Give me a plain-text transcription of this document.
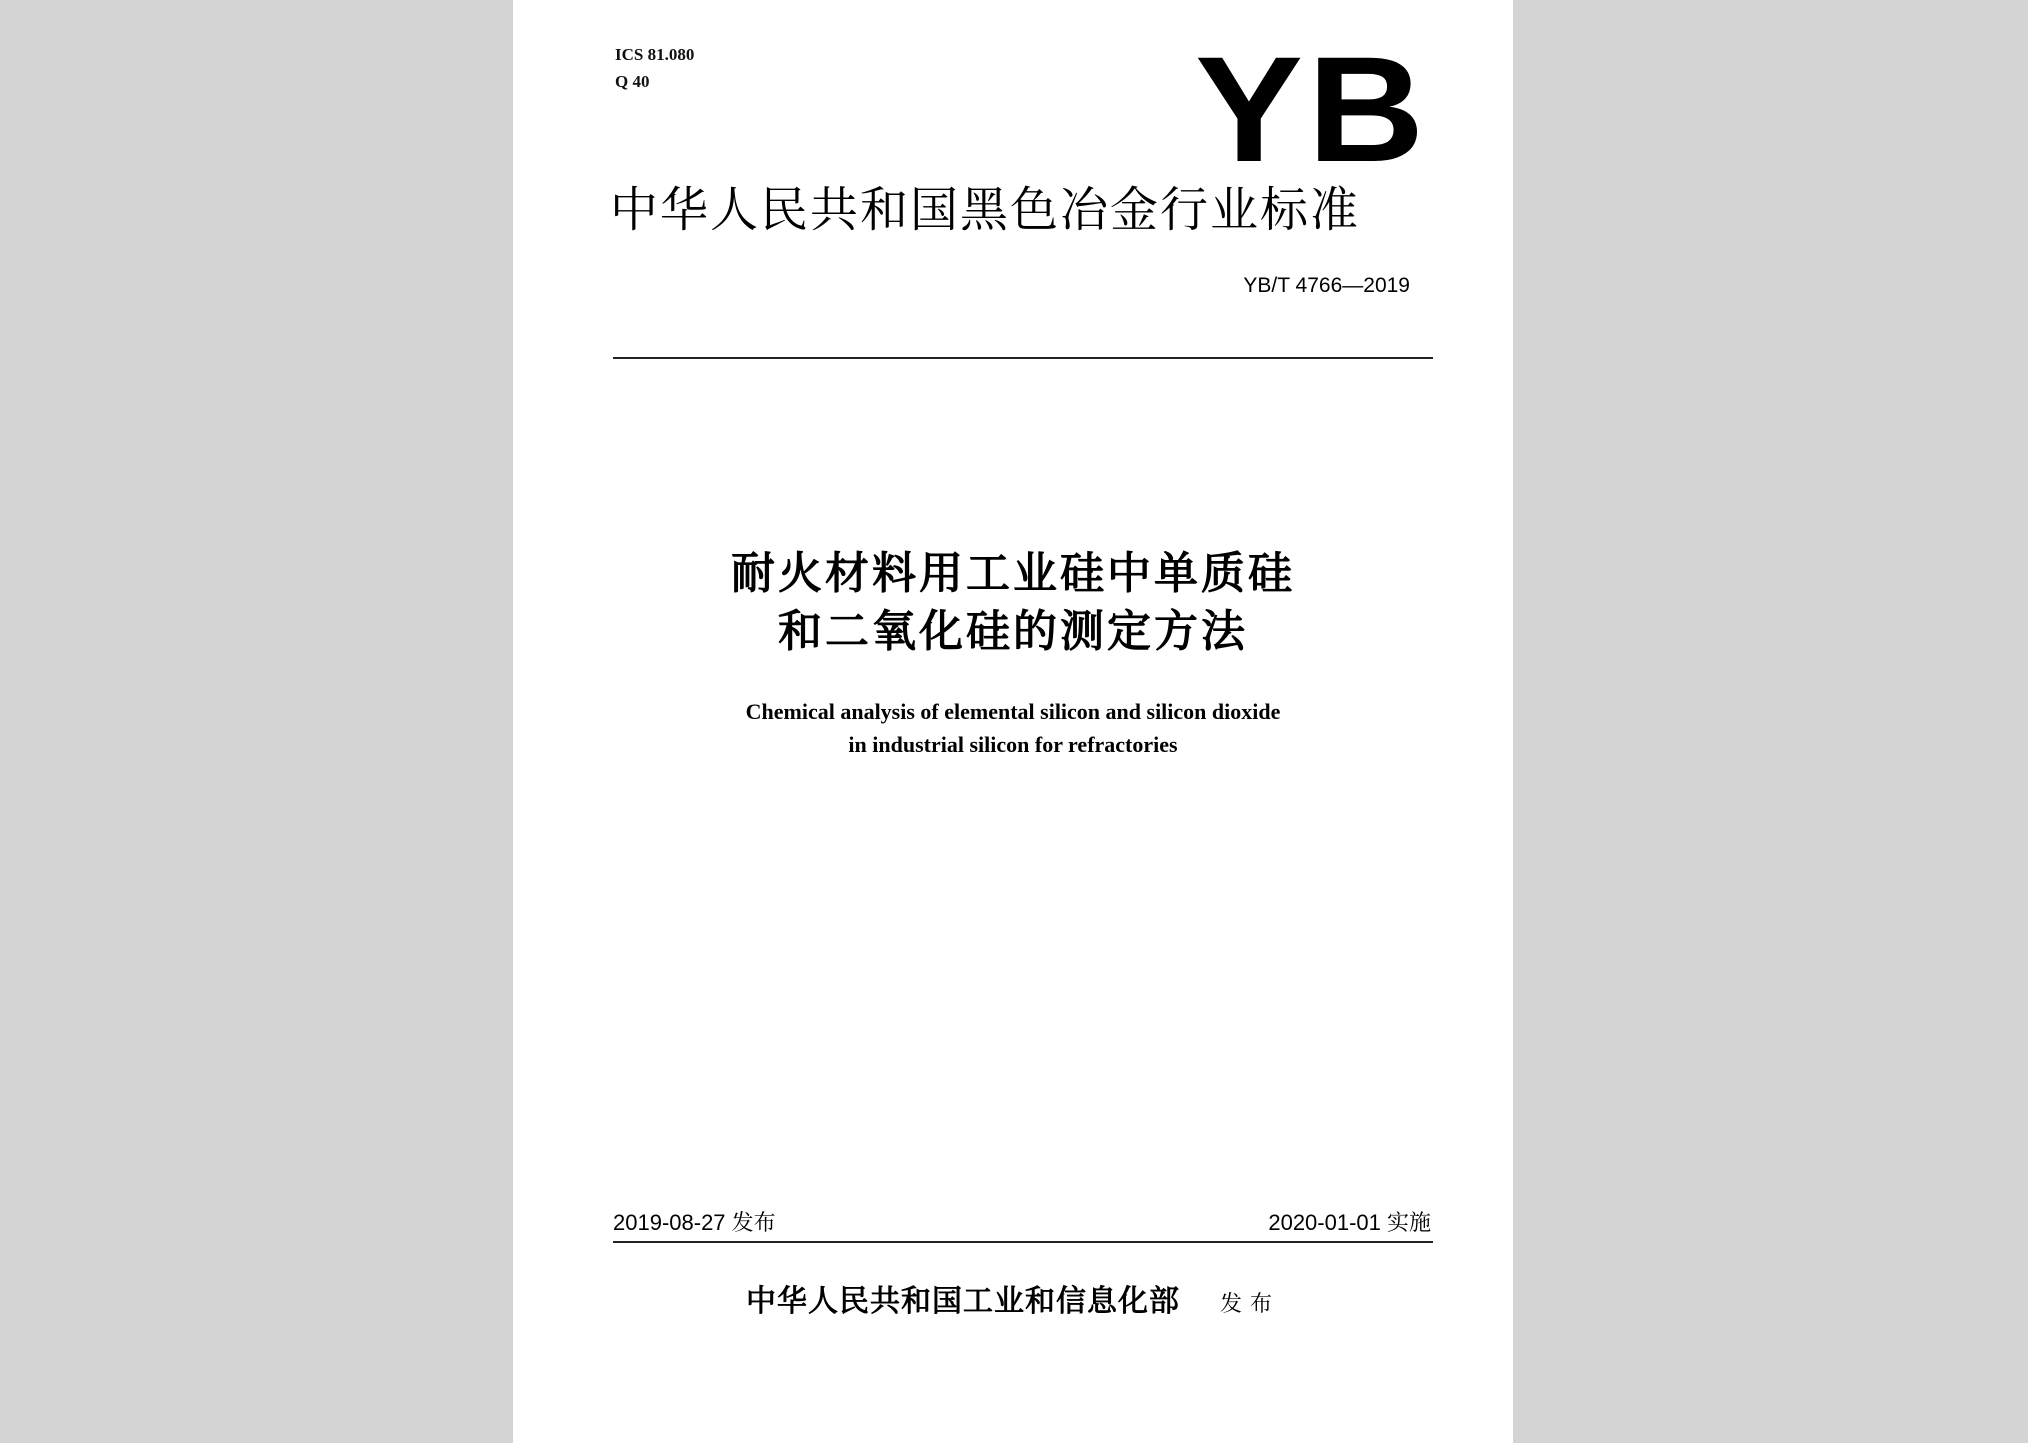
ICS 81.080
Q 40	YB
中华人民共和国黑色冶金行业标准
YB/T 4766—2019
耐火材料用工业硅中单质硅
和二氧化硅的测定方法
Chemical analysis of elemental silicon and silicon dioxide
in industrial silicon for refractories
2019-08-27 发布	2020-01-01 实施
中华人民共和国工业和信息化部 发布
